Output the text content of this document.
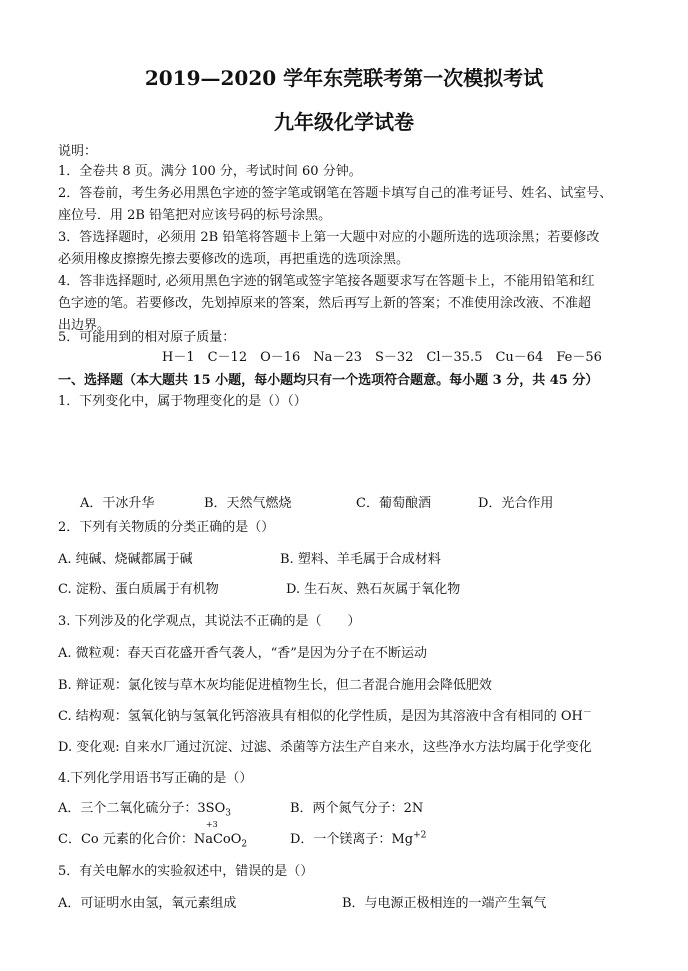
2019—2020 学年东莞联考第一次模拟考试
九年级化学试卷
说明：
1．全卷共 8 页。满分 100 分，考试时间 60 分钟。
2．答卷前，考生务必用黑色字迹的签字笔或钢笔在答题卡填写自己的准考证号、姓名、试室号、
座位号．用 2B 铅笔把对应该号码的标号涂黑。
3．答选择题时，必须用 2B 铅笔将答题卡上第一大题中对应的小题所选的选项涂黑；若要修改
必须用橡皮擦擦先擦去要修改的选项，再把重选的选项涂黑。
4．答非选择题时, 必须用黑色字迹的钢笔或签字笔接各题要求写在答题卡上，不能用铅笔和红
色字迹的笔。若要修改，先划掉原来的答案，然后再写上新的答案；不准使用涂改液、不准超
出边界。
5．可能用到的相对原子质量：
H－1　C－12　O－16　Na－23　S－32　Cl－35.5　Cu－64　Fe－56
一、选择题（本大题共 15 小题，每小题均只有一个选项符合题意。每小题 3 分，共 45 分）
1．下列变化中，属于物理变化的是（）（）
A．干冰升华	B．天然气燃烧	C．葡萄酿酒	D．光合作用
2．下列有关物质的分类正确的是（）
A. 纯碱、烧碱都属于碱	B. 塑料、羊毛属于合成材料
C. 淀粉、蛋白质属于有机物	D. 生石灰、熟石灰属于氧化物
3. 下列涉及的化学观点，其说法不正确的是（　　）
A. 微粒观：春天百花盛开香气袭人，“香”是因为分子在不断运动
B. 辩证观：氯化铵与草木灰均能促进植物生长，但二者混合施用会降低肥效
C. 结构观：氢氧化钠与氢氧化钙溶液具有相似的化学性质，是因为其溶液中含有相同的 OH－
D. 变化观: 自来水厂通过沉淀、过滤、杀菌等方法生产自来水，这些净水方法均属于化学变化
4.下列化学用语书写正确的是（）
A．三个二氧化硫分子：$3SO_3$	B．两个氮气分子：2N
C．Co 元素的化合价：
+3
NaCoO$_2$	D．一个镁离子：$Mg^{+2}$
5．有关电解水的实验叙述中，错误的是（）
A．可证明水由氢，氧元素组成	B．与电源正极相连的一端产生氧气
